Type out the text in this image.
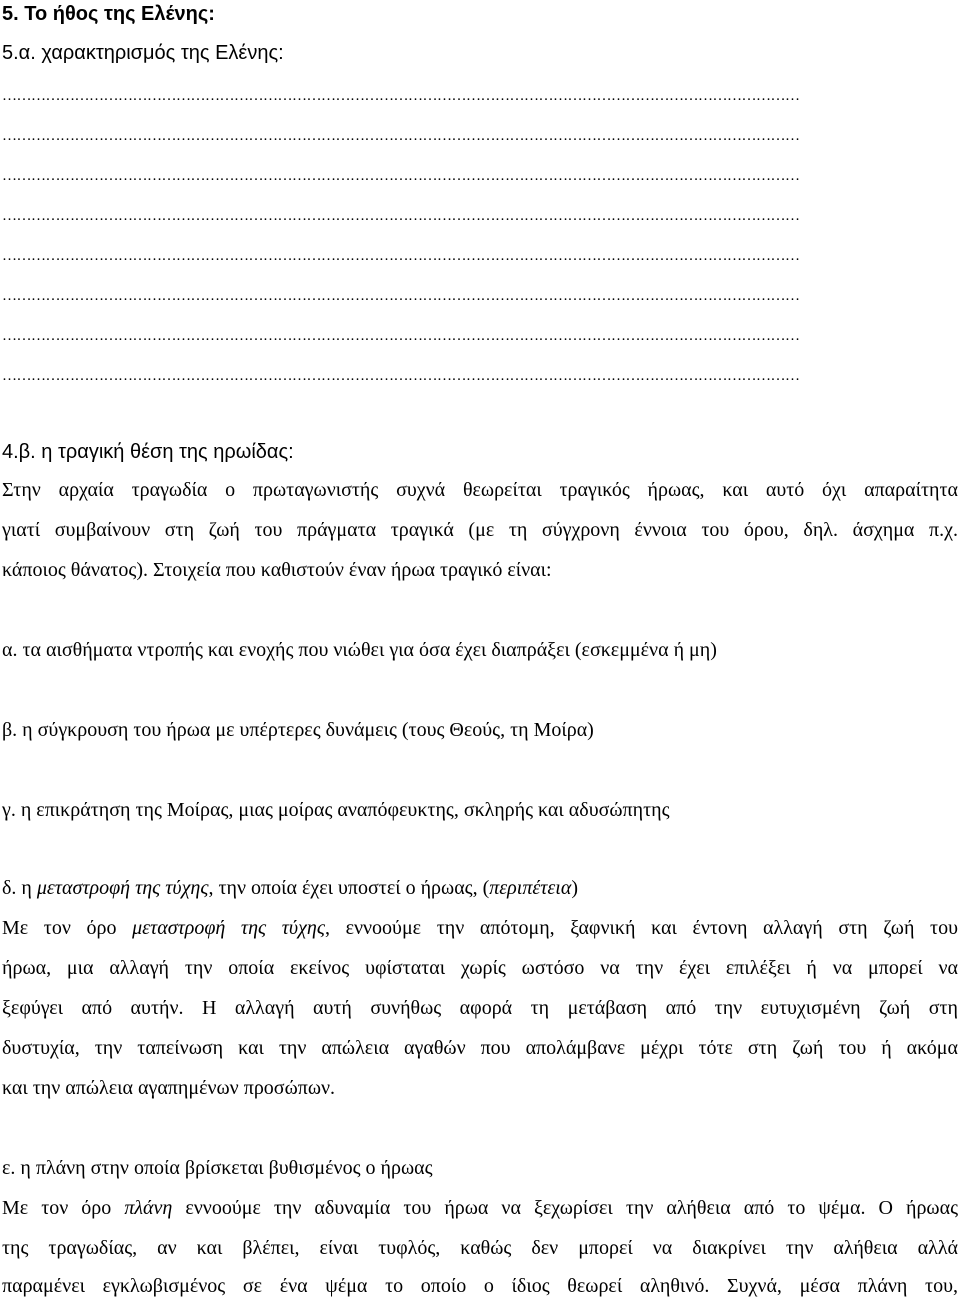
5. Το ήθος της Ελένης:
5.α. χαρακτηρισμός της Ελένης:
…………………………………………………………………………………………………………………………………………………
…………………………………………………………………………………………………………………………………………………
…………………………………………………………………………………………………………………………………………………
…………………………………………………………………………………………………………………………………………………
…………………………………………………………………………………………………………………………………………………
…………………………………………………………………………………………………………………………………………………
…………………………………………………………………………………………………………………………………………………
…………………………………………………………………………………………………………………………………………………
4.β. η τραγική θέση της ηρωίδας:
Στην αρχαία τραγωδία ο πρωταγωνιστής συχνά θεωρείται τραγικός ήρωας, και αυτό όχι απαραίτητα
γιατί συμβαίνουν στη ζωή του πράγματα τραγικά (με τη σύγχρονη έννοια του όρου, δηλ. άσχημα π.χ.
κάποιος θάνατος). Στοιχεία που καθιστούν έναν ήρωα τραγικό είναι:
α. τα αισθήματα ντροπής και ενοχής που νιώθει για όσα έχει διαπράξει (εσκεμμένα ή μη)
β. η σύγκρουση του ήρωα με υπέρτερες δυνάμεις (τους Θεούς, τη Μοίρα)
γ. η επικράτηση της Μοίρας, μιας μοίρας αναπόφευκτης, σκληρής και αδυσώπητης
δ. η μεταστροφή της τύχης, την οποία έχει υποστεί ο ήρωας, (περιπέτεια)
Με τον όρο μεταστροφή της τύχης, εννοούμε την απότομη, ξαφνική και έντονη αλλαγή στη ζωή του
ήρωα, μια αλλαγή την οποία εκείνος υφίσταται χωρίς ωστόσο να την έχει επιλέξει ή να μπορεί να
ξεφύγει από αυτήν. Η αλλαγή αυτή συνήθως αφορά τη μετάβαση από την ευτυχισμένη ζωή στη
δυστυχία, την ταπείνωση και την απώλεια αγαθών που απολάμβανε μέχρι τότε στη ζωή του ή ακόμα
και την απώλεια αγαπημένων προσώπων.
ε. η πλάνη στην οποία βρίσκεται βυθισμένος ο ήρωας
Με τον όρο πλάνη εννοούμε την αδυναμία του ήρωα να ξεχωρίσει την αλήθεια από το ψέμα. Ο ήρωας
της τραγωδίας, αν και βλέπει, είναι τυφλός, καθώς δεν μπορεί να διακρίνει την αλήθεια αλλά
παραμένει εγκλωβισμένος σε ένα ψέμα το οποίο ο ίδιος θεωρεί αληθινό. Συχνά, μέσα πλάνη του,
